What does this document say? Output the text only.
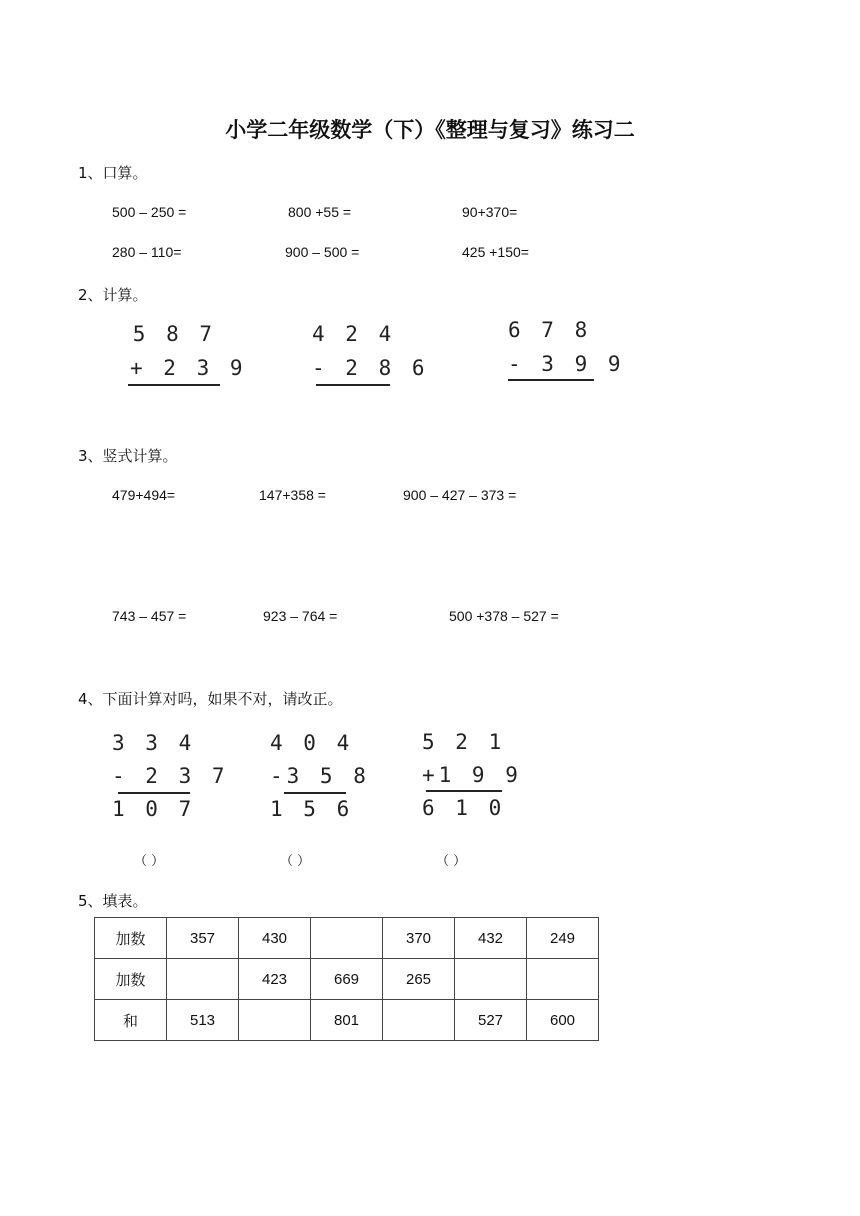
小学二年级数学（下）《整理与复习》练习二
1、口算。
500 – 250 =	800 +55 =	90+370=
280 – 110=	900 – 500 =	425 +150=
2、计算。
5 8 7
+ 2 3 9
4 2 4
- 2 8 6
6 7 8
- 3 9 9
3、竖式计算。
479+494=	147+358 =	900 – 427 – 373 =
743 – 457 =	923 – 764 =	500 +378 – 527 =
4、下面计算对吗，如果不对，请改正。
3 3 4
- 2 3 7
1 0 7
（ ）
4 0 4
-3 5 8
1 5 6
（ ）
5 2 1
+1 9 9
6 1 0
（ ）
5、填表。
加数	357	430		370	432	249
加数		423	669	265		
和	513		801		527	600
